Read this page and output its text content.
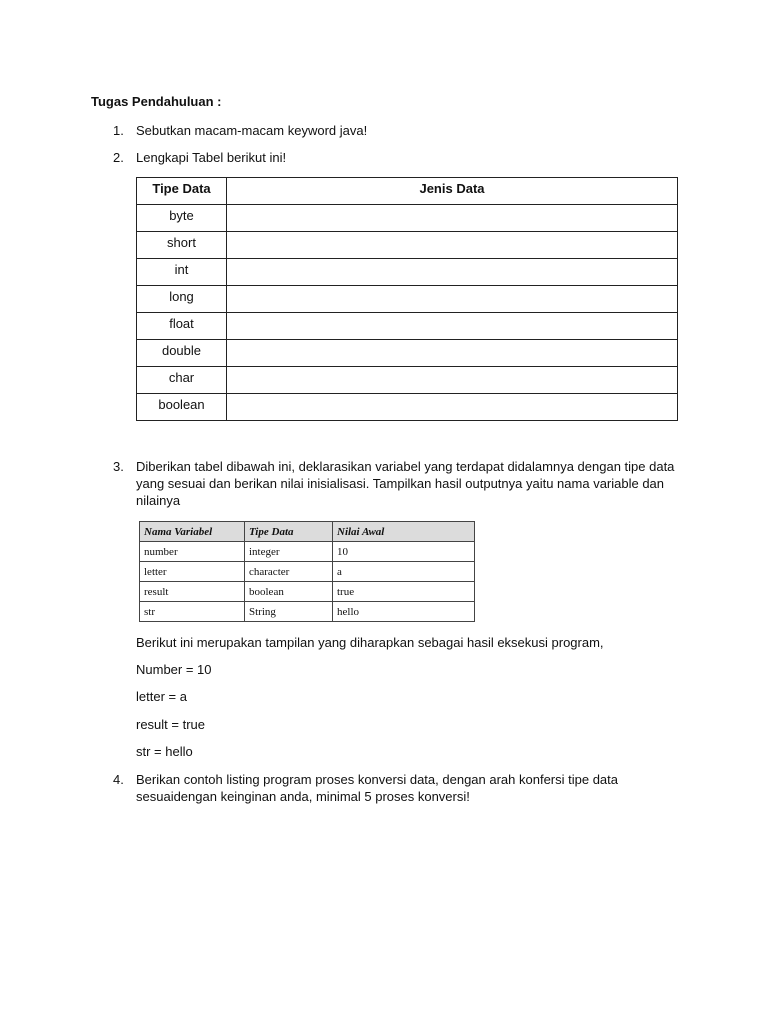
Tugas Pendahuluan :
1. Sebutkan macam-macam keyword java!
2. Lengkapi Tabel berikut ini!
Tipe Data	Jenis Data
byte	
short	
int	
long	
float	
double	
char	
boolean	
3. Diberikan tabel dibawah ini, deklarasikan variabel yang terdapat didalamnya dengan tipe data
yang sesuai dan berikan nilai inisialisasi. Tampilkan hasil outputnya yaitu nama variable dan
nilainya
Nama Variabel	Tipe Data	Nilai Awal
number	integer	10
letter	character	a
result	boolean	true
str	String	hello
Berikut ini merupakan tampilan yang diharapkan sebagai hasil eksekusi program,
Number = 10
letter = a
result = true
str = hello
4. Berikan contoh listing program proses konversi data, dengan arah konfersi tipe data
sesuaidengan keinginan anda, minimal 5 proses konversi!
